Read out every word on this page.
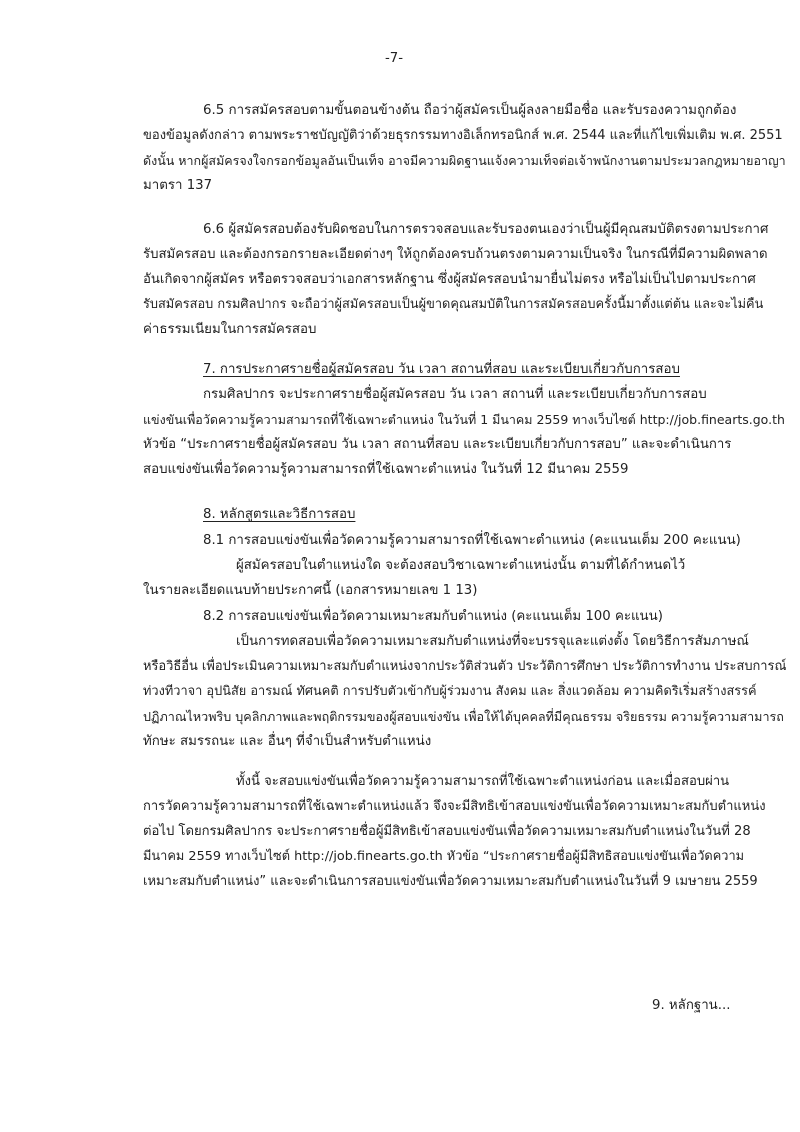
-7-
6.5 การสมัครสอบตามขั้นตอนข้างต้น ถือว่าผู้สมัครเป็นผู้ลงลายมือชื่อ และรับรองความถูกต้อง
ของข้อมูลดังกล่าว ตามพระราชบัญญัติว่าด้วยธุรกรรมทางอิเล็กทรอนิกส์ พ.ศ. 2544 และที่แก้ไขเพิ่มเติม พ.ศ. 2551
ดังนั้น หากผู้สมัครจงใจกรอกข้อมูลอันเป็นเท็จ อาจมีความผิดฐานแจ้งความเท็จต่อเจ้าพนักงานตามประมวลกฎหมายอาญา
มาตรา 137
6.6 ผู้สมัครสอบต้องรับผิดชอบในการตรวจสอบและรับรองตนเองว่าเป็นผู้มีคุณสมบัติตรงตามประกาศ
รับสมัครสอบ และต้องกรอกรายละเอียดต่างๆ ให้ถูกต้องครบถ้วนตรงตามความเป็นจริง ในกรณีที่มีความผิดพลาด
อันเกิดจากผู้สมัคร หรือตรวจสอบว่าเอกสารหลักฐาน ซึ่งผู้สมัครสอบนำมายื่นไม่ตรง หรือไม่เป็นไปตามประกาศ
รับสมัครสอบ กรมศิลปากร จะถือว่าผู้สมัครสอบเป็นผู้ขาดคุณสมบัติในการสมัครสอบครั้งนี้มาตั้งแต่ต้น และจะไม่คืน
ค่าธรรมเนียมในการสมัครสอบ
7. การประกาศรายชื่อผู้สมัครสอบ วัน เวลา สถานที่สอบ และระเบียบเกี่ยวกับการสอบ
กรมศิลปากร จะประกาศรายชื่อผู้สมัครสอบ วัน เวลา สถานที่ และระเบียบเกี่ยวกับการสอบ
แข่งขันเพื่อวัดความรู้ความสามารถที่ใช้เฉพาะตำแหน่ง ในวันที่ 1 มีนาคม 2559 ทางเว็บไซต์ http://job.finearts.go.th
หัวข้อ “ประกาศรายชื่อผู้สมัครสอบ วัน เวลา สถานที่สอบ และระเบียบเกี่ยวกับการสอบ” และจะดำเนินการ
สอบแข่งขันเพื่อวัดความรู้ความสามารถที่ใช้เฉพาะตำแหน่ง ในวันที่ 12 มีนาคม 2559
8. หลักสูตรและวิธีการสอบ
8.1 การสอบแข่งขันเพื่อวัดความรู้ความสามารถที่ใช้เฉพาะตำแหน่ง (คะแนนเต็ม 200 คะแนน)
ผู้สมัครสอบในตำแหน่งใด จะต้องสอบวิชาเฉพาะตำแหน่งนั้น ตามที่ได้กำหนดไว้
ในรายละเอียดแนบท้ายประกาศนี้ (เอกสารหมายเลข 1 13)
8.2 การสอบแข่งขันเพื่อวัดความเหมาะสมกับตำแหน่ง (คะแนนเต็ม 100 คะแนน)
เป็นการทดสอบเพื่อวัดความเหมาะสมกับตำแหน่งที่จะบรรจุและแต่งตั้ง โดยวิธีการสัมภาษณ์
หรือวิธีอื่น เพื่อประเมินความเหมาะสมกับตำแหน่งจากประวัติส่วนตัว ประวัติการศึกษา ประวัติการทำงาน ประสบการณ์
ท่วงทีวาจา อุปนิสัย อารมณ์ ทัศนคติ การปรับตัวเข้ากับผู้ร่วมงาน สังคม และ สิ่งแวดล้อม ความคิดริเริ่มสร้างสรรค์
ปฏิภาณไหวพริบ บุคลิกภาพและพฤติกรรมของผู้สอบแข่งขัน เพื่อให้ได้บุคคลที่มีคุณธรรม จริยธรรม ความรู้ความสามารถ
ทักษะ สมรรถนะ และ อื่นๆ ที่จำเป็นสำหรับตำแหน่ง
ทั้งนี้ จะสอบแข่งขันเพื่อวัดความรู้ความสามารถที่ใช้เฉพาะตำแหน่งก่อน และเมื่อสอบผ่าน
การวัดความรู้ความสามารถที่ใช้เฉพาะตำแหน่งแล้ว จึงจะมีสิทธิเข้าสอบแข่งขันเพื่อวัดความเหมาะสมกับตำแหน่ง
ต่อไป โดยกรมศิลปากร จะประกาศรายชื่อผู้มีสิทธิเข้าสอบแข่งขันเพื่อวัดความเหมาะสมกับตำแหน่งในวันที่ 28
มีนาคม 2559 ทางเว็บไซต์ http://job.finearts.go.th หัวข้อ “ประกาศรายชื่อผู้มีสิทธิสอบแข่งขันเพื่อวัดความ
เหมาะสมกับตำแหน่ง” และจะดำเนินการสอบแข่งขันเพื่อวัดความเหมาะสมกับตำแหน่งในวันที่ 9 เมษายน 2559
9. หลักฐาน...
